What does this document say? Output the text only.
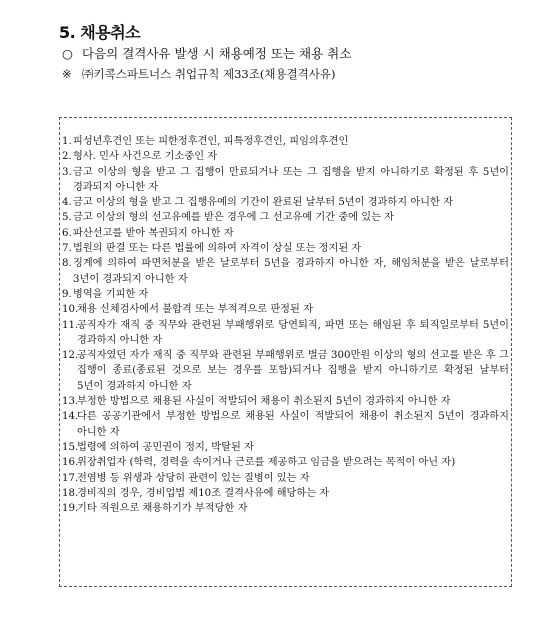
5. 채용취소
○ 다음의 결격사유 발생 시 채용예정 또는 채용 취소
※ ㈜키콕스파트너스 취업규칙 제33조(채용결격사유)
1. 피성년후견인 또는 피한정후견인, 피특정후견인, 피임의후견인
2. 형사. 민사 사건으로 기소중인 자
3. 금고 이상의 형을 받고 그 집행이 만료되거나 또는 그 집행을 받지 아니하기로 확정된 후 5년이 경과되지 아니한 자
4. 금고 이상의 형을 받고 그 집행유예의 기간이 완료된 날부터 5년이 경과하지 아니한 자
5. 금고 이상의 형의 선고유예를 받은 경우에 그 선고유예 기간 중에 있는 자
6. 파산선고를 받아 복권되지 아니한 자
7. 법원의 판결 또는 다른 법률에 의하여 자격이 상실 또는 정지된 자
8. 징계에 의하여 파면처분을 받은 날로부터 5년을 경과하지 아니한 자, 해임처분을 받은 날로부터 3년이 경과되지 아니한 자
9. 병역을 기피한 자
10.
채용 신체검사에서 불합격 또는 부적격으로 판정된 자
11.
공직자가 재직 중 직무와 관련된 부패행위로 당연퇴직, 파면 또는 해임된 후 퇴직일로부터 5년이 경과하지 아니한 자
12.
공직자였던 자가 재직 중 직무와 관련된 부패행위로 벌금 300만원 이상의 형의 선고를 받은 후 그 집행이 종료(종료된 것으로 보는 경우를 포함)되거나 집행을 받지 아니하기로 확정된 날부터 5년이 경과하지 아니한 자
13.
부정한 방법으로 채용된 사실이 적발되어 채용이 취소된지 5년이 경과하지 아니한 자
14.
다른 공공기관에서 부정한 방법으로 채용된 사실이 적발되어 채용이 취소된지 5년이 경과하지 아니한 자
15.
법령에 의하여 공민권이 정지, 박탈된 자
16.
위장취업자 (학력, 경력을 속이거나 근로를 제공하고 임금을 받으려는 목적이 아닌 자)
17.
전염병 등 위생과 상당히 관련이 있는 질병이 있는 자
18.
경비직의 경우, 경비업법 제10조 결격사유에 해당하는 자
19.
기타 직원으로 채용하기가 부적당한 자
